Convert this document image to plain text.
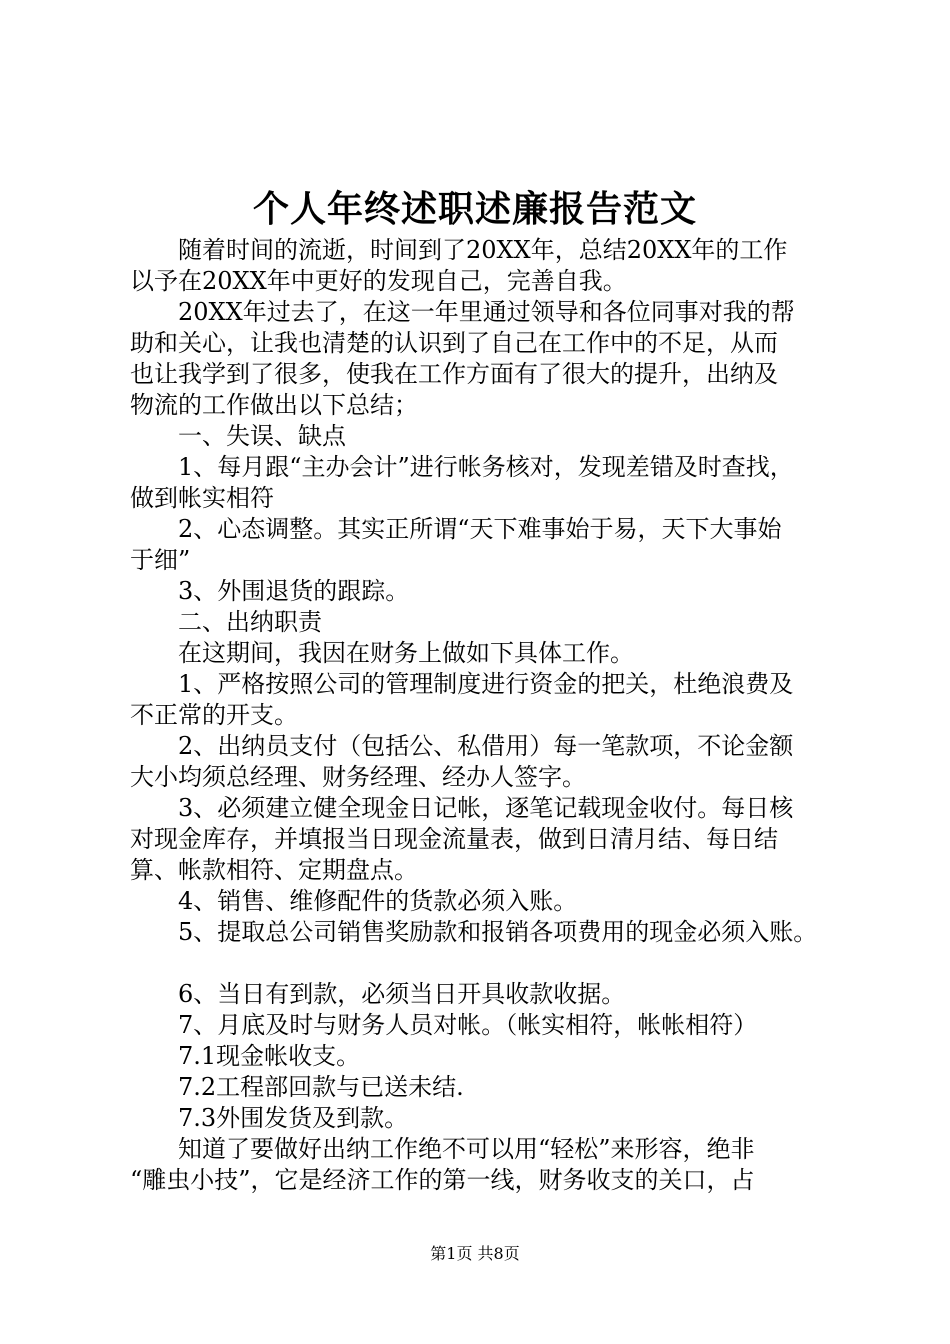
个人年终述职述廉报告范文

随着时间的流逝，时间到了20XX年，总结20XX年的工作

以予在20XX年中更好的发现自己，完善自我。

20XX年过去了，在这一年里通过领导和各位同事对我的帮

助和关心，让我也清楚的认识到了自己在工作中的不足，从而

也让我学到了很多，使我在工作方面有了很大的提升，出纳及

物流的工作做出以下总结；

一、失误、缺点

1、每月跟“主办会计”进行帐务核对，发现差错及时查找，

做到帐实相符

2、心态调整。其实正所谓“天下难事始于易，天下大事始

于细”

3、外围退货的跟踪。

二、出纳职责

在这期间，我因在财务上做如下具体工作。

1、严格按照公司的管理制度进行资金的把关，杜绝浪费及

不正常的开支。

2、出纳员支付（包括公、私借用）每一笔款项，不论金额

大小均须总经理、财务经理、经办人签字。

3、必须建立健全现金日记帐，逐笔记载现金收付。每日核

对现金库存，并填报当日现金流量表，做到日清月结、每日结

算、帐款相符、定期盘点。

4、销售、维修配件的货款必须入账。

5、提取总公司销售奖励款和报销各项费用的现金必须入账。

6、当日有到款，必须当日开具收款收据。

7、月底及时与财务人员对帐。（帐实相符，帐帐相符）

7.1现金帐收支。

7.2工程部回款与已送未结.

7.3外围发货及到款。

知道了要做好出纳工作绝不可以用“轻松”来形容，绝非

“雕虫小技”，它是经济工作的第一线，财务收支的关口，占

第1页 共8页
